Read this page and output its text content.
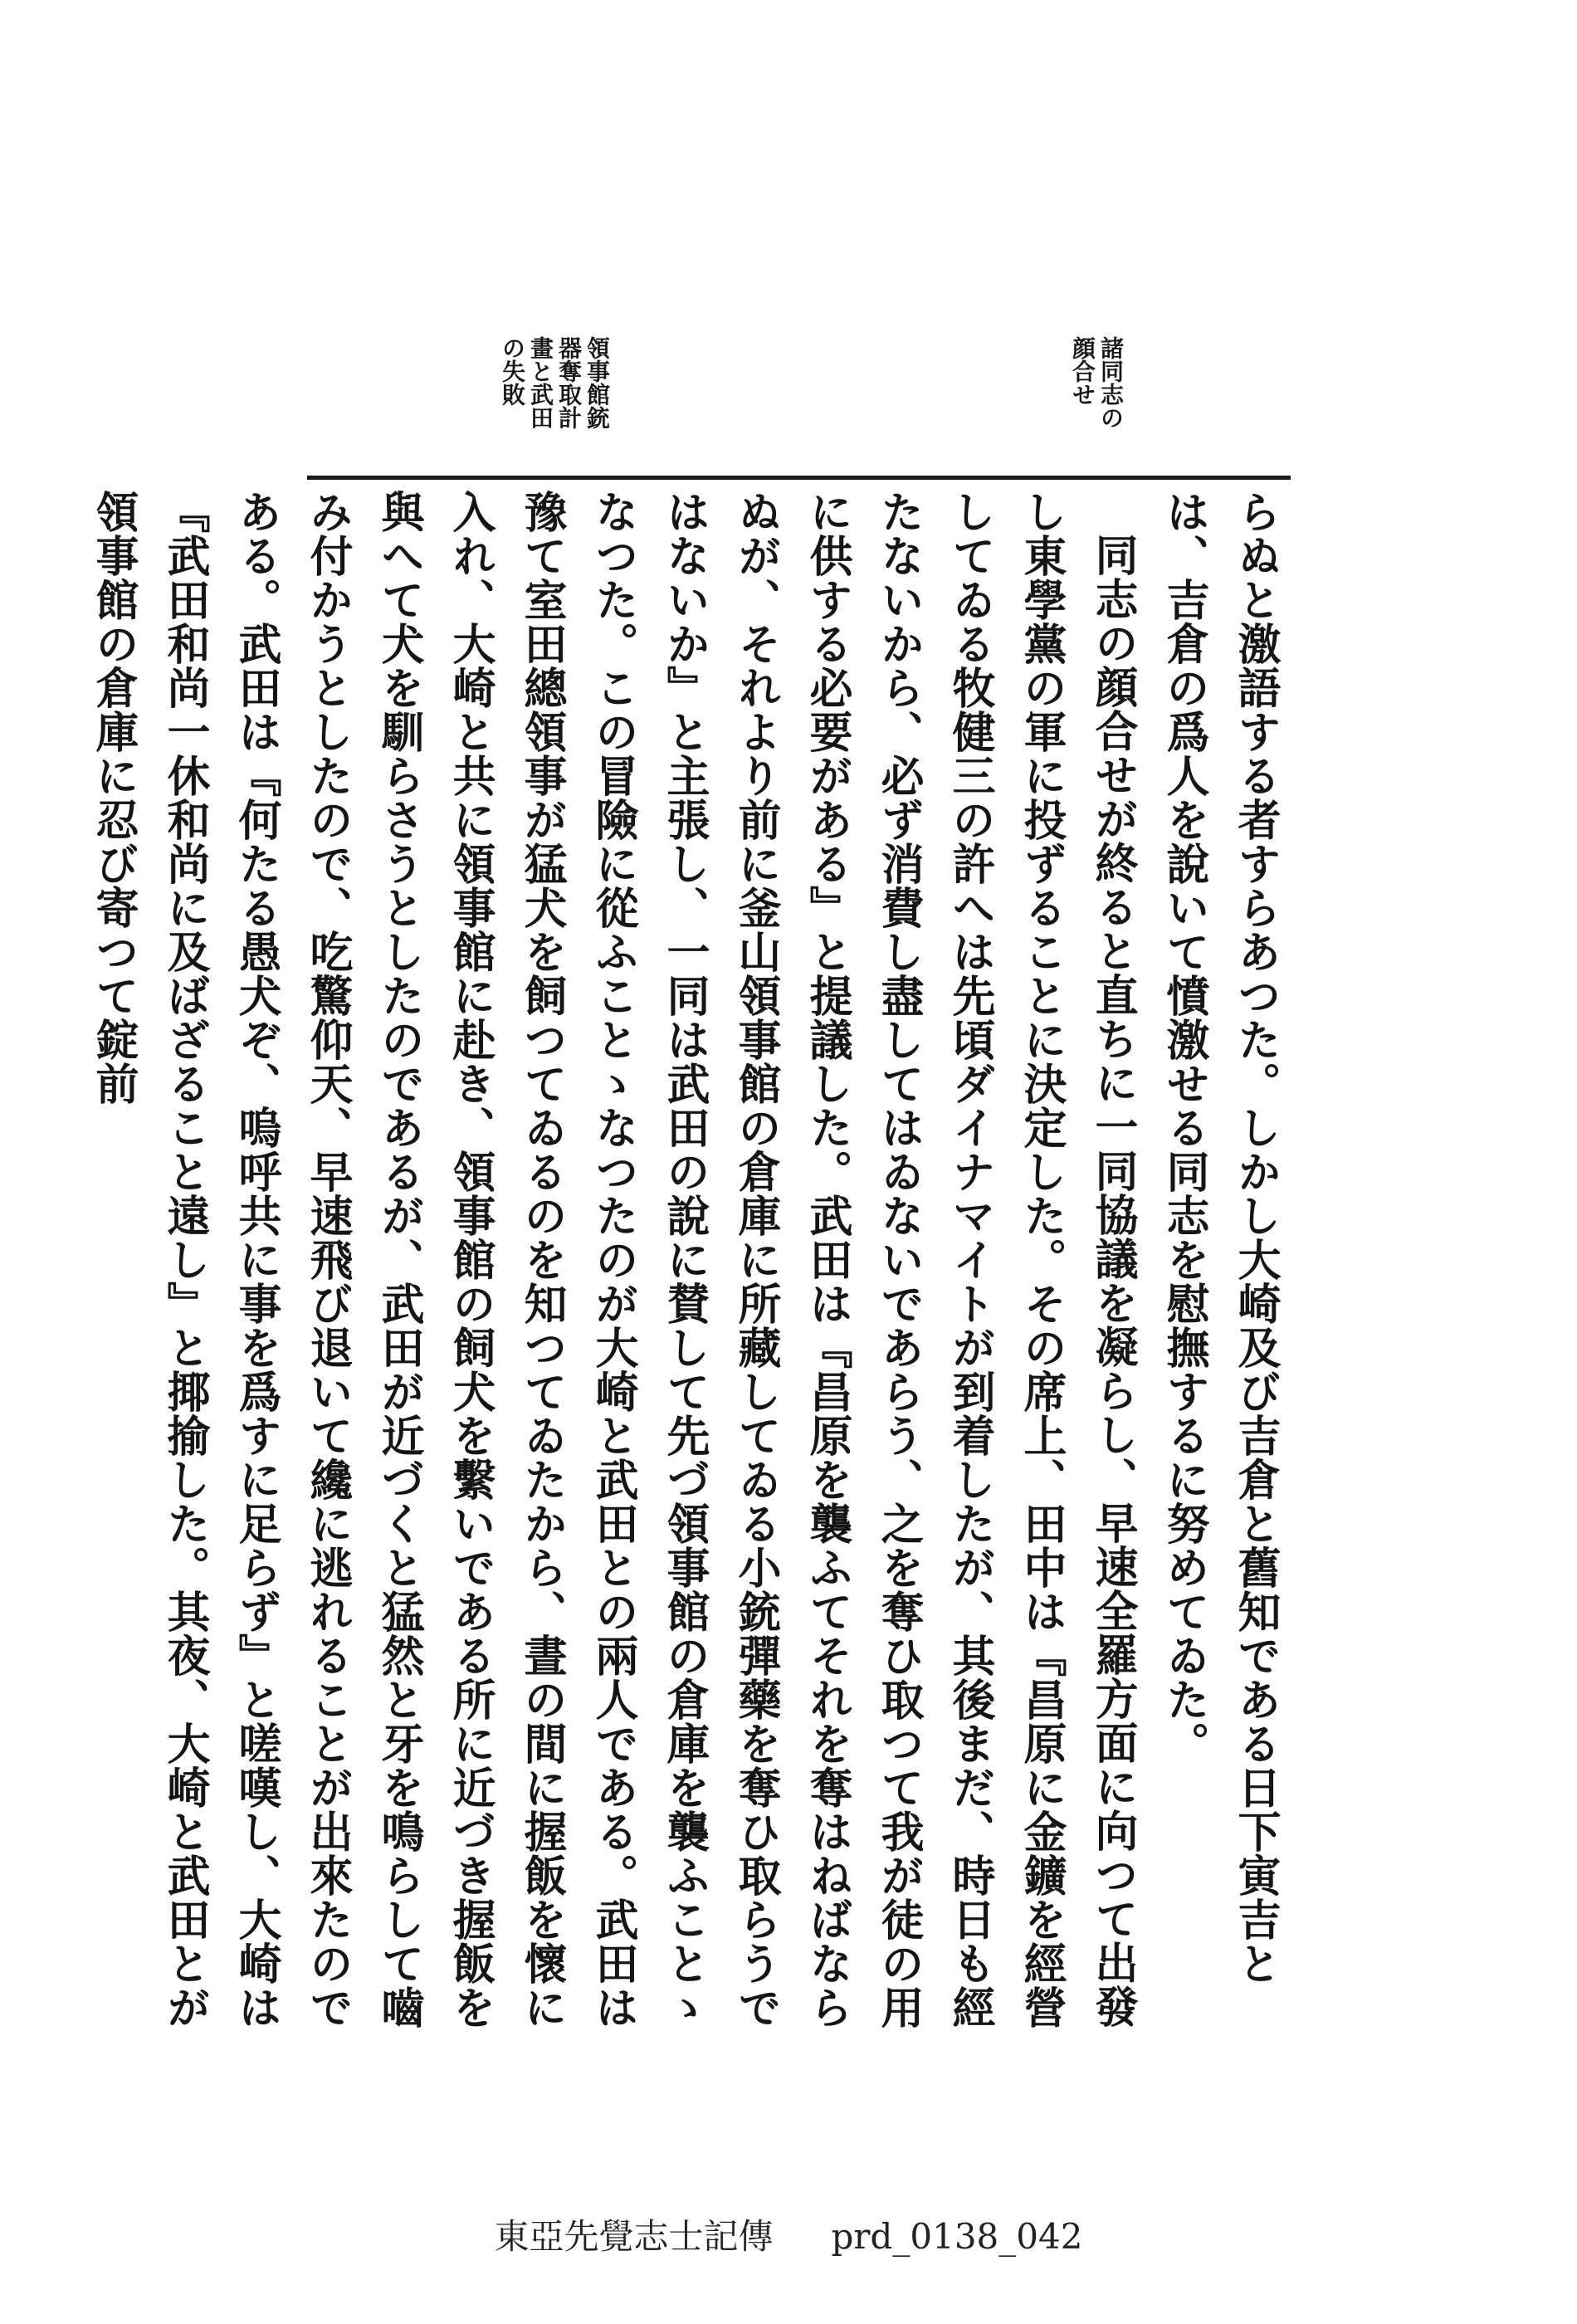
諸同志の
顔合せ
領事館銃
器奪取計
畫と武田
の失敗

らぬと激語する者すらあつた。しかし大崎及び吉倉と舊知である日下寅吉とは、吉倉の爲人を說いて憤激せる同志を慰撫するに努めてゐた。

同志の顔合せが終ると直ちに一同協議を凝らし、早速全羅方面に向つて出發し東學黨の軍に投ずることに決定した。その席上、田中は『昌原に金鑛を經營してゐる牧健三の許へは先頃ダイナマイトが到着したが、其後まだ、時日も經たないから、必ず消費し盡してはゐないであらう、之を奪ひ取つて我が徒の用に供する必要がある』と提議した。武田は『昌原を襲ふてそれを奪はねばならぬが、それより前に釜山領事館の倉庫に所藏してゐる小銃彈藥を奪ひ取らうではないか』と主張し、一同は武田の說に賛して先づ領事館の倉庫を襲ふことゝなつた。この冒險に從ふことゝなつたのが大崎と武田との兩人である。武田は豫て室田總領事が猛犬を飼つてゐるのを知つてゐたから、晝の間に握飯を懷に入れ、大崎と共に領事館に赴き、領事館の飼犬を繫いである所に近づき握飯を與へて犬を馴らさうとしたのであるが、武田が近づくと猛然と牙を鳴らして嚙み付かうとしたので、吃驚仰天、早速飛び退いて纔に逃れることが出來たのである。武田は『何たる愚犬ぞ、嗚呼共に事を爲すに足らず』と嗟嘆し、大崎は『武田和尚一休和尚に及ばざること遠し』と揶揄した。其夜、大崎と武田とが領事館の倉庫に忍び寄つて錠前

東亞先覺志士記傳 prd_0138_042
